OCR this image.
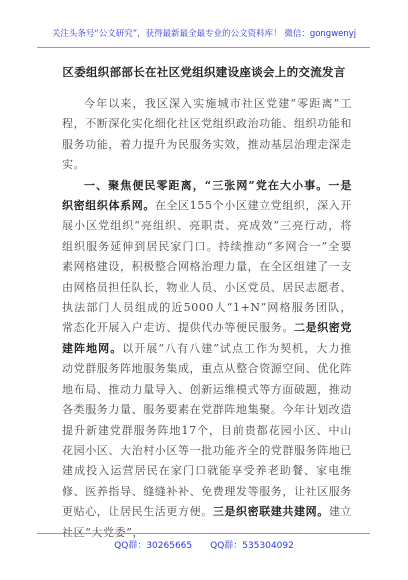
关注头条号“公文研究”，获得最新最全最专业的公文资料库！ 微信：gongwenyj
区委组织部部长在社区党组织建设座谈会上的交流发言

今年以来，我区深入实施城市社区党建“零距离”工程，不断深化实化细化社区党组织政治功能、组织功能和服务功能，着力提升为民服务实效，推动基层治理走深走实。

一、聚焦便民零距离，“三张网”党在大小事。一是织密组织体系网。在全区155个小区建立党组织，深入开展小区党组织“亮组织、亮职责、亮成效”三亮行动，将组织服务延伸到居民家门口。持续推动“多网合一”全要素网格建设，积极整合网格治理力量，在全区组建了一支由网格员担任队长，物业人员、小区党员、居民志愿者、执法部门人员组成的近5000人“1+N”网格服务团队，常态化开展入户走访、提供代办等便民服务。二是织密党建阵地网。以开展“八有八建”试点工作为契机，大力推动党群服务阵地服务集成，重点从整合资源空间、优化阵地布局、推动力量导入、创新运维模式等方面破题，推动各类服务力量、服务要素在党群阵地集聚。今年计划改造提升新建党群服务阵地17个，目前贵都花园小区、中山花园小区、大治村小区等一批功能齐全的党群服务阵地已建成投入运营居民在家门口就能享受养老助餐、家电维修、医养指导、缝缝补补、免费理发等服务，让社区服务更贴心，让居民生活更方便。三是织密联建共建网。建立社区“大党委”，

QQ群：30265665 QQ群：535304092
